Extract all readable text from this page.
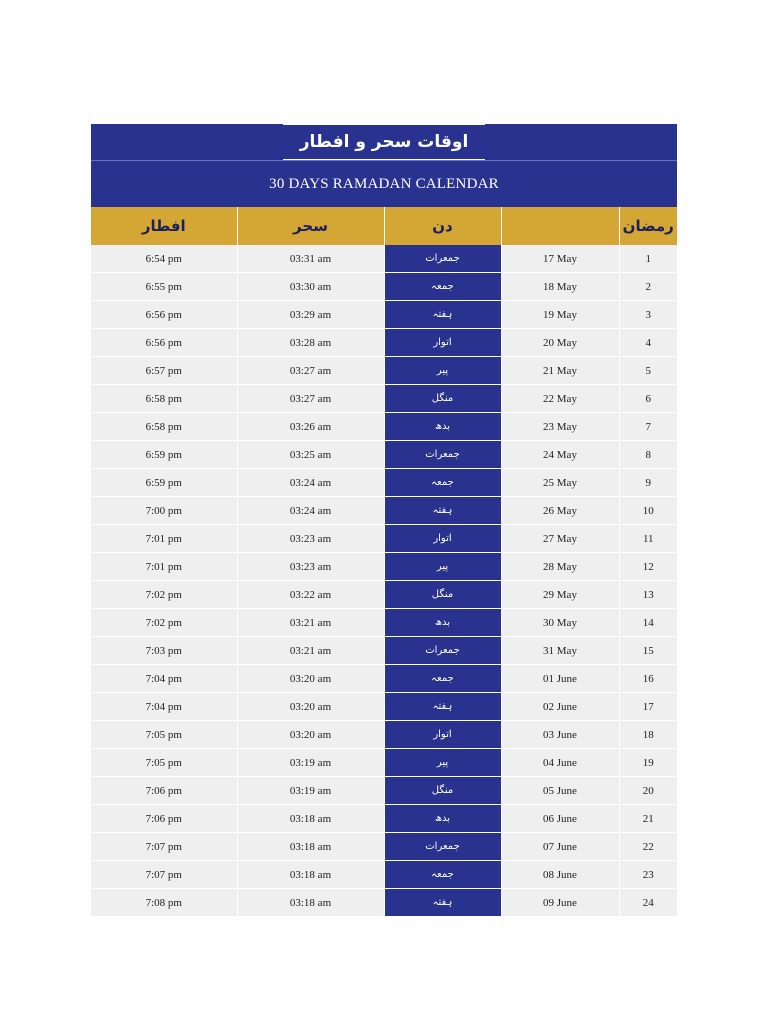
اوقات سحر و افطار
30 DAYS RAMADAN CALENDAR
افطار	سحر	دن		رمضان
6:54 pm	03:31 am	جمعرات	17 May	1
6:55 pm	03:30 am	جمعہ	18 May	2
6:56 pm	03:29 am	ہفتہ	19 May	3
6:56 pm	03:28 am	اتوار	20 May	4
6:57 pm	03:27 am	پیر	21 May	5
6:58 pm	03:27 am	منگل	22 May	6
6:58 pm	03:26 am	بدھ	23 May	7
6:59 pm	03:25 am	جمعرات	24 May	8
6:59 pm	03:24 am	جمعہ	25 May	9
7:00 pm	03:24 am	ہفتہ	26 May	10
7:01 pm	03:23 am	اتوار	27 May	11
7:01 pm	03:23 am	پیر	28 May	12
7:02 pm	03:22 am	منگل	29 May	13
7:02 pm	03:21 am	بدھ	30 May	14
7:03 pm	03:21 am	جمعرات	31 May	15
7:04 pm	03:20 am	جمعہ	01 June	16
7:04 pm	03:20 am	ہفتہ	02 June	17
7:05 pm	03:20 am	اتوار	03 June	18
7:05 pm	03:19 am	پیر	04 June	19
7:06 pm	03:19 am	منگل	05 June	20
7:06 pm	03:18 am	بدھ	06 June	21
7:07 pm	03:18 am	جمعرات	07 June	22
7:07 pm	03:18 am	جمعہ	08 June	23
7:08 pm	03:18 am	ہفتہ	09 June	24
